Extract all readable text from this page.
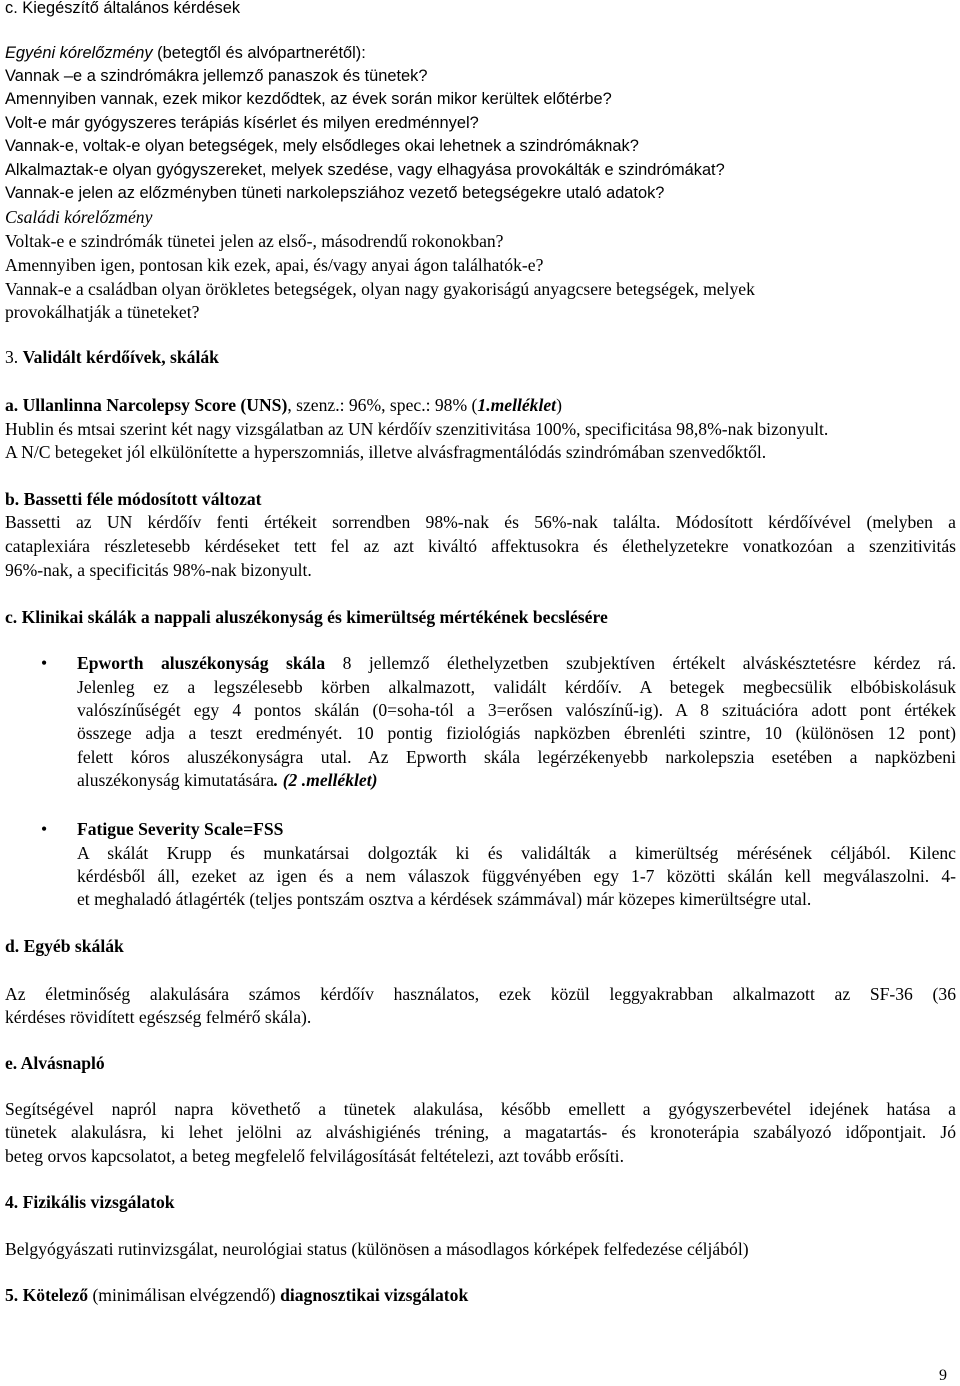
c. Kiegészítő általános kérdések
Egyéni kórelőzmény (betegtől és alvópartnerétől):
Vannak –e a szindrómákra jellemző panaszok és tünetek?
Amennyiben vannak, ezek mikor kezdődtek, az évek során mikor kerültek előtérbe?
Volt-e már gyógyszeres terápiás kísérlet és milyen eredménnyel?
Vannak-e, voltak-e olyan betegségek, mely elsődleges okai lehetnek a szindrómáknak?
Alkalmaztak-e olyan gyógyszereket, melyek szedése, vagy elhagyása provokálták e szindrómákat?
Vannak-e jelen az előzményben tüneti narkolepsziához vezető betegségekre utaló adatok?
Családi kórelőzmény
Voltak-e e szindrómák tünetei jelen az első-, másodrendű rokonokban?
Amennyiben igen, pontosan kik ezek, apai, és/vagy anyai ágon találhatók-e?
Vannak-e a családban olyan örökletes betegségek, olyan nagy gyakoriságú anyagcsere betegségek, melyek
provokálhatják a tüneteket?
3. Validált kérdőívek, skálák
a. Ullanlinna Narcolepsy Score (UNS), szenz.: 96%, spec.: 98% (1.melléklet)
Hublin és mtsai szerint két nagy vizsgálatban az UN kérdőív szenzitivitása 100%, specificitása 98,8%-nak bizonyult.
A N/C betegeket jól elkülönítette a hyperszomniás, illetve alvásfragmentálódás szindrómában szenvedőktől.
b. Bassetti féle módosított változat
Bassetti az UN kérdőív fenti értékeit sorrendben 98%-nak és 56%-nak találta. Módosított kérdőívével (melyben a
cataplexiára részletesebb kérdéseket tett fel az azt kiváltó affektusokra és élethelyzetekre vonatkozóan a szenzitivitás
96%-nak, a specificitás 98%-nak bizonyult.
c. Klinikai skálák a nappali aluszékonyság és kimerültség mértékének becslésére
• Epworth aluszékonyság skála 8 jellemző élethelyzetben szubjektíven értékelt alváskésztetésre kérdez rá.
Jelenleg ez a legszélesebb körben alkalmazott, validált kérdőív. A betegek megbecsülik elbóbiskolásuk
valószínűségét egy 4 pontos skálán (0=soha-tól a 3=erősen valószínű-ig). A 8 szituációra adott pont értékek
összege adja a teszt eredményét. 10 pontig fiziológiás napközben ébrenléti szintre, 10 (különösen 12 pont)
felett kóros aluszékonyságra utal. Az Epworth skála legérzékenyebb narkolepszia esetében a napközbeni
aluszékonyság kimutatására. (2 .melléklet)
• Fatigue Severity Scale=FSS
A skálát Krupp és munkatársai dolgozták ki és validálták a kimerültség mérésének céljából. Kilenc
kérdésből áll, ezeket az igen és a nem válaszok függvényében egy 1-7 közötti skálán kell megválaszolni. 4-
et meghaladó átlagérték (teljes pontszám osztva a kérdések számmával) már közepes kimerültségre utal.
d. Egyéb skálák
Az életminőség alakulására számos kérdőív használatos, ezek közül leggyakrabban alkalmazott az SF-36 (36
kérdéses rövidített egészség felmérő skála).
e. Alvásnapló
Segítségével napról napra követhető a tünetek alakulása, később emellett a gyógyszerbevétel idejének hatása a
tünetek alakulásra, ki lehet jelölni az alváshigiénés tréning, a magatartás- és kronoterápia szabályozó időpontjait. Jó
beteg orvos kapcsolatot, a beteg megfelelő felvilágosítását feltételezi, azt tovább erősíti.
4. Fizikális vizsgálatok
Belgyógyászati rutinvizsgálat, neurológiai status (különösen a másodlagos kórképek felfedezése céljából)
5. Kötelező (minimálisan elvégzendő) diagnosztikai vizsgálatok
9
